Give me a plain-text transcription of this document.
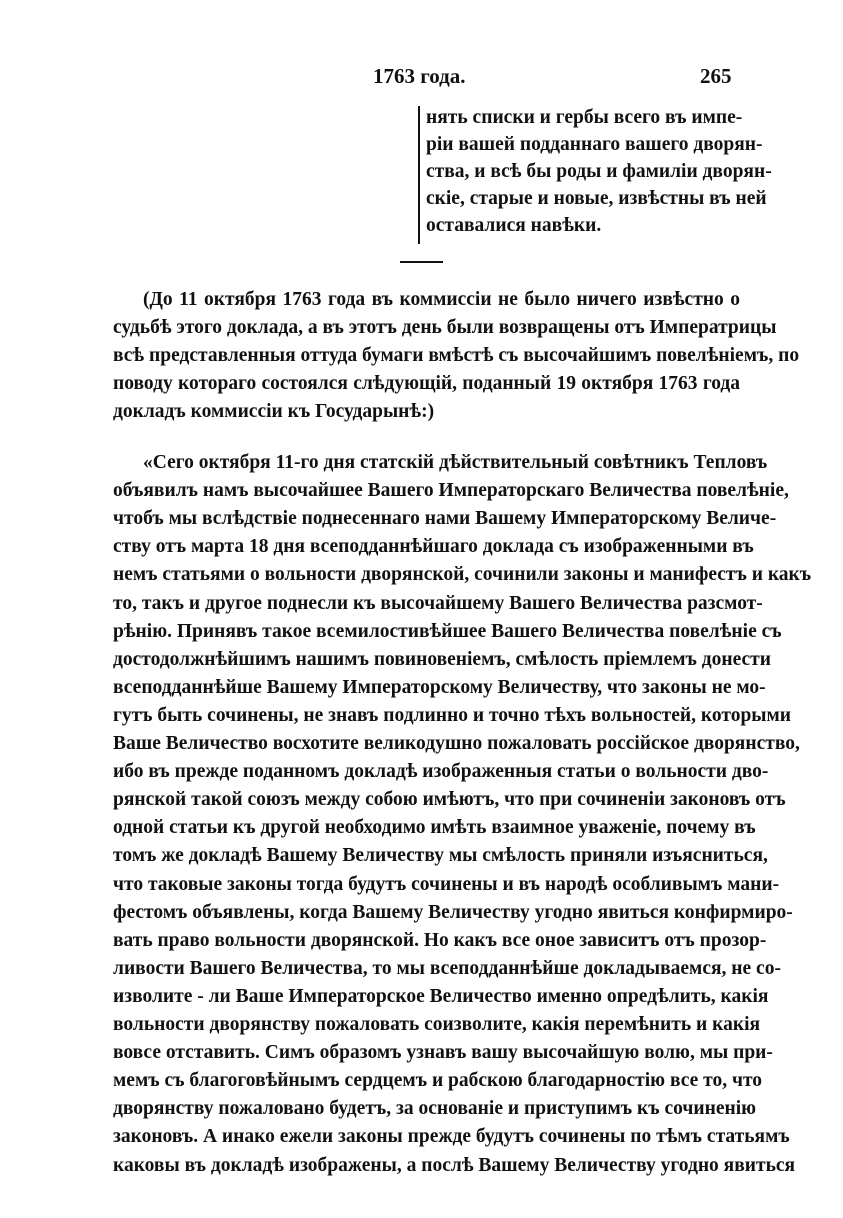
1763 года.	265
нять списки и гербы всего въ импе-
ріи вашей подданнаго вашего дворян-
ства, и всѣ бы роды и фамиліи дворян-
скіе, старые и новые, извѣстны въ ней
оставалися навѣки.
(До 11 октября 1763 года въ коммиссіи не было ничего извѣстно о
судьбѣ этого доклада, а въ этотъ день были возвращены отъ Императрицы
всѣ представленныя оттуда бумаги вмѣстѣ съ высочайшимъ повелѣніемъ, по
поводу котораго состоялся слѣдующій, поданный 19 октября 1763 года
докладъ коммиссіи къ Государынѣ:)
«Сего октября 11-го дня статскій дѣйствительный совѣтникъ Тепловъ
объявилъ намъ высочайшее Вашего Императорскаго Величества повелѣніе,
чтобъ мы вслѣдствіе поднесеннаго нами Вашему Императорскому Величе-
ству отъ марта 18 дня всеподданнѣйшаго доклада съ изображенными въ
немъ статьями о вольности дворянской, сочинили законы и манифестъ и какъ
то, такъ и другое поднесли къ высочайшему Вашего Величества разсмот-
рѣнію. Принявъ такое всемилостивѣйшее Вашего Величества повелѣніе съ
достодолжнѣйшимъ нашимъ повиновеніемъ, смѣлость пріемлемъ донести
всеподданнѣйше Вашему Императорскому Величеству, что законы не мо-
гутъ быть сочинены, не знавъ подлинно и точно тѣхъ вольностей, которыми
Ваше Величество восхотите великодушно пожаловать россійское дворянство,
ибо въ прежде поданномъ докладѣ изображенныя статьи о вольности дво-
рянской такой союзъ между собою имѣютъ, что при сочиненіи законовъ отъ
одной статьи къ другой необходимо имѣть взаимное уваженіе, почему въ
томъ же докладѣ Вашему Величеству мы смѣлость приняли изъясниться,
что таковые законы тогда будутъ сочинены и въ народѣ особливымъ мани-
фестомъ объявлены, когда Вашему Величеству угодно явиться конфирмиро-
вать право вольности дворянской. Но какъ все оное зависитъ отъ прозор-
ливости Вашего Величества, то мы всеподданнѣйше докладываемся, не со-
изволите - ли Ваше Императорское Величество именно опредѣлить, какія
вольности дворянству пожаловать соизволите, какія перемѣнить и какія
вовсе отставить. Симъ образомъ узнавъ вашу высочайшую волю, мы при-
мемъ съ благоговѣйнымъ сердцемъ и рабскою благодарностію все то, что
дворянству пожаловано будетъ, за основаніе и приступимъ къ сочиненію
законовъ. А инако ежели законы прежде будутъ сочинены по тѣмъ статьямъ
каковы въ докладѣ изображены, а послѣ Вашему Величеству угодно явиться
